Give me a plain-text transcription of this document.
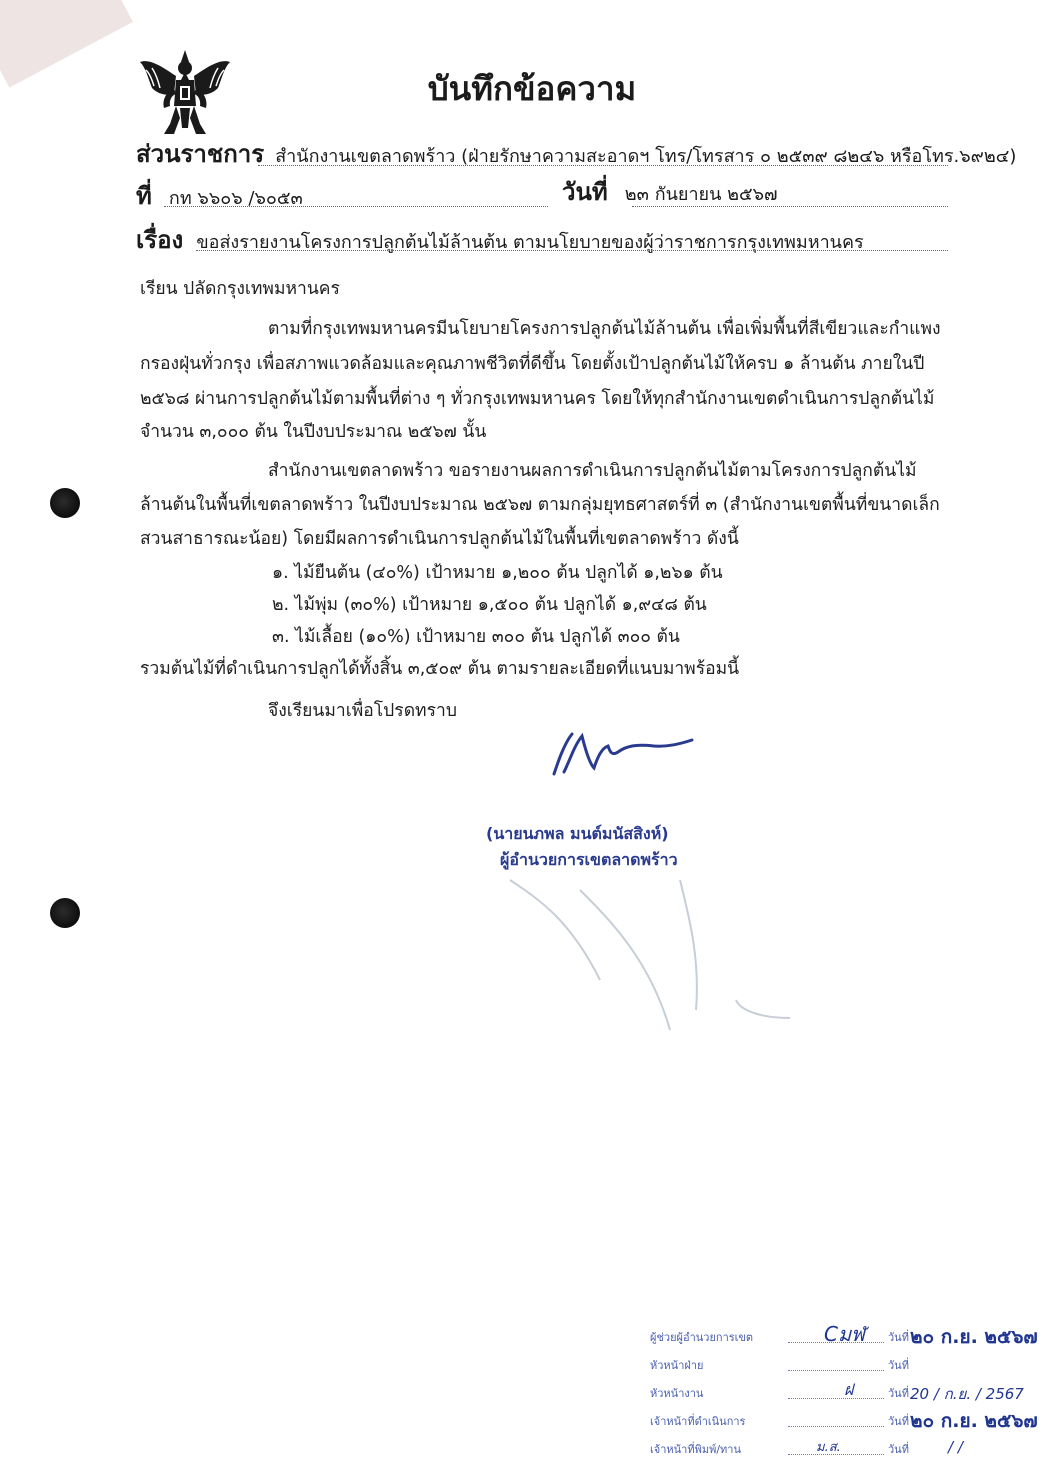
บันทึกข้อความ
ส่วนราชการ สำนักงานเขตลาดพร้าว (ฝ่ายรักษาความสะอาดฯ โทร/โทรสาร ๐ ๒๕๓๙ ๘๒๔๖ หรือโทร.๖๙๒๔)
ที่ กท ๖๖๐๖ /๖๐๕๓	วันที่ ๒๓ กันยายน ๒๕๖๗
เรื่อง ขอส่งรายงานโครงการปลูกต้นไม้ล้านต้น ตามนโยบายของผู้ว่าราชการกรุงเทพมหานคร
เรียน ปลัดกรุงเทพมหานคร
ตามที่กรุงเทพมหานครมีนโยบายโครงการปลูกต้นไม้ล้านต้น เพื่อเพิ่มพื้นที่สีเขียวและกำแพง
กรองฝุ่นทั่วกรุง เพื่อสภาพแวดล้อมและคุณภาพชีวิตที่ดีขึ้น โดยตั้งเป้าปลูกต้นไม้ให้ครบ ๑ ล้านต้น ภายในปี
๒๕๖๘ ผ่านการปลูกต้นไม้ตามพื้นที่ต่าง ๆ ทั่วกรุงเทพมหานคร โดยให้ทุกสำนักงานเขตดำเนินการปลูกต้นไม้
จำนวน ๓,๐๐๐ ต้น ในปีงบประมาณ ๒๕๖๗ นั้น
สำนักงานเขตลาดพร้าว ขอรายงานผลการดำเนินการปลูกต้นไม้ตามโครงการปลูกต้นไม้
ล้านต้นในพื้นที่เขตลาดพร้าว ในปีงบประมาณ ๒๕๖๗ ตามกลุ่มยุทธศาสตร์ที่ ๓ (สำนักงานเขตพื้นที่ขนาดเล็ก
สวนสาธารณะน้อย) โดยมีผลการดำเนินการปลูกต้นไม้ในพื้นที่เขตลาดพร้าว ดังนี้
๑. ไม้ยืนต้น (๔๐%) เป้าหมาย ๑,๒๐๐ ต้น ปลูกได้ ๑,๒๖๑ ต้น
๒. ไม้พุ่ม (๓๐%) เป้าหมาย ๑,๕๐๐ ต้น ปลูกได้ ๑,๙๔๘ ต้น
๓. ไม้เลื้อย (๑๐%) เป้าหมาย ๓๐๐ ต้น ปลูกได้ ๓๐๐ ต้น
รวมต้นไม้ที่ดำเนินการปลูกได้ทั้งสิ้น ๓,๕๐๙ ต้น ตามรายละเอียดที่แนบมาพร้อมนี้
จึงเรียนมาเพื่อโปรดทราบ
(นายนภพล มนต์มนัสสิงห์)
ผู้อำนวยการเขตลาดพร้าว
ผู้ช่วยผู้อำนวยการเขต	Cมฬ วันที่ ๒๐ ก.ย. ๒๕๖๗
หัวหน้าฝ่าย	วันที่
หัวหน้างาน	ฝ	วันที่ 20 / ก.ย. / 2567
เจ้าหน้าที่ดำเนินการ	วันที่ ๒๐ ก.ย. ๒๕๖๗
เจ้าหน้าที่พิมพ์/ทาน	ม.ส.	วันที่	/ /
